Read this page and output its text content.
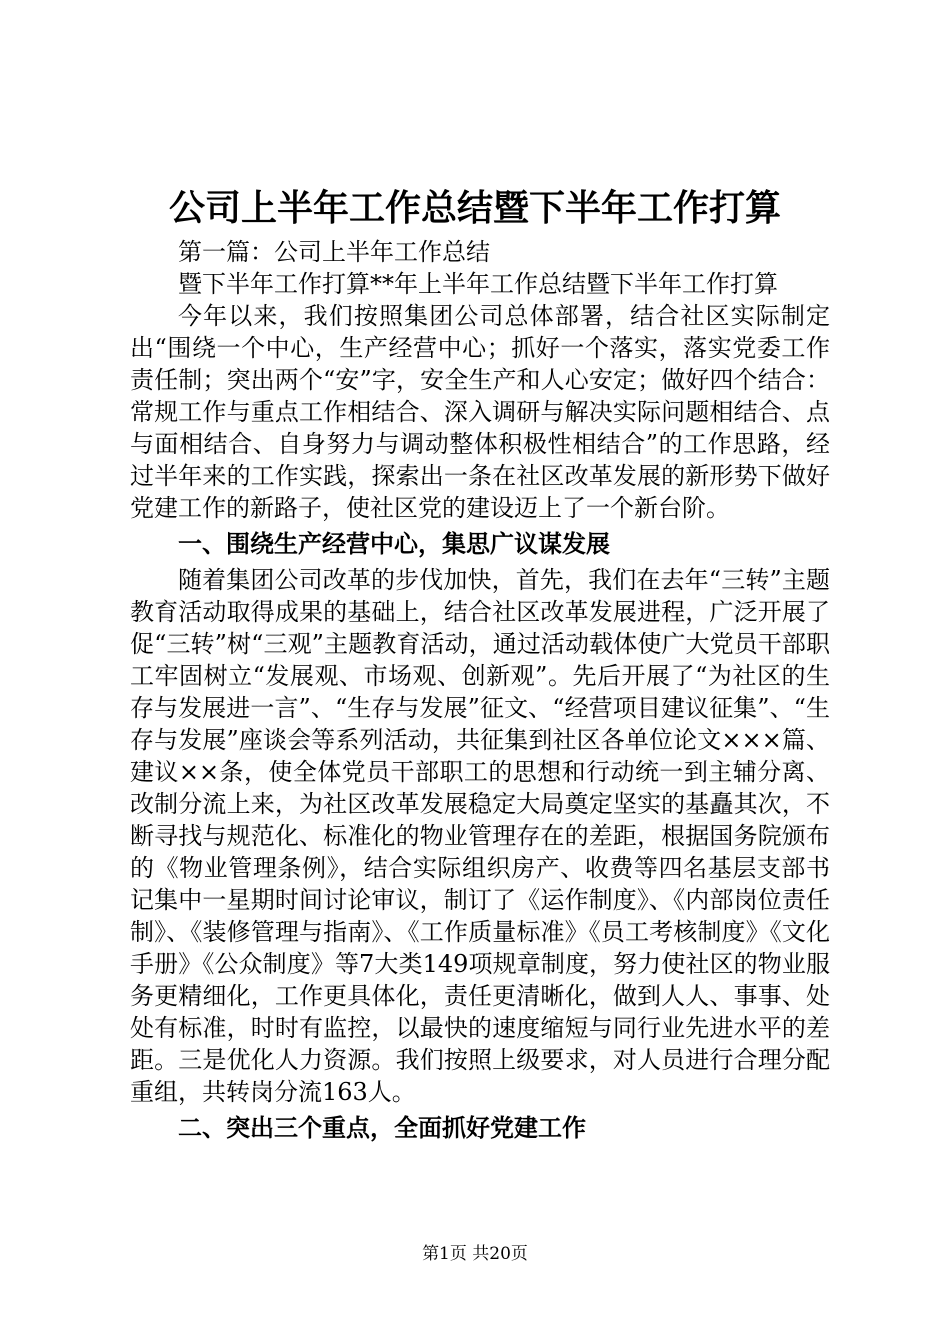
公司上半年工作总结暨下半年工作打算

第一篇：公司上半年工作总结

暨下半年工作打算**年上半年工作总结暨下半年工作打算

今年以来，我们按照集团公司总体部署，结合社区实际制定出“围绕一个中心，生产经营中心；抓好一个落实，落实党委工作责任制；突出两个“安”字，安全生产和人心安定；做好四个结合：常规工作与重点工作相结合、深入调研与解决实际问题相结合、点与面相结合、自身努力与调动整体积极性相结合”的工作思路，经过半年来的工作实践，探索出一条在社区改革发展的新形势下做好党建工作的新路子，使社区党的建设迈上了一个新台阶。

一、围绕生产经营中心，集思广议谋发展

随着集团公司改革的步伐加快，首先，我们在去年“三转”主题教育活动取得成果的基础上，结合社区改革发展进程，广泛开展了促“三转”树“三观”主题教育活动，通过活动载体使广大党员干部职工牢固树立“发展观、市场观、创新观”。先后开展了“为社区的生存与发展进一言”、“生存与发展”征文、“经营项目建议征集”、“生存与发展”座谈会等系列活动，共征集到社区各单位论文×××篇、建议××条，使全体党员干部职工的思想和行动统一到主辅分离、改制分流上来，为社区改革发展稳定大局奠定坚实的基矗其次，不断寻找与规范化、标准化的物业管理存在的差距，根据国务院颁布的《物业管理条例》，结合实际组织房产、收费等四名基层支部书记集中一星期时间讨论审议，制订了《运作制度》、《内部岗位责任制》、《装修管理与指南》、《工作质量标准》《员工考核制度》《文化手册》《公众制度》等7大类149项规章制度，努力使社区的物业服务更精细化，工作更具体化，责任更清晰化，做到人人、事事、处处有标准，时时有监控，以最快的速度缩短与同行业先进水平的差距。三是优化人力资源。我们按照上级要求，对人员进行合理分配重组，共转岗分流163人。

二、突出三个重点，全面抓好党建工作

第1页 共20页
